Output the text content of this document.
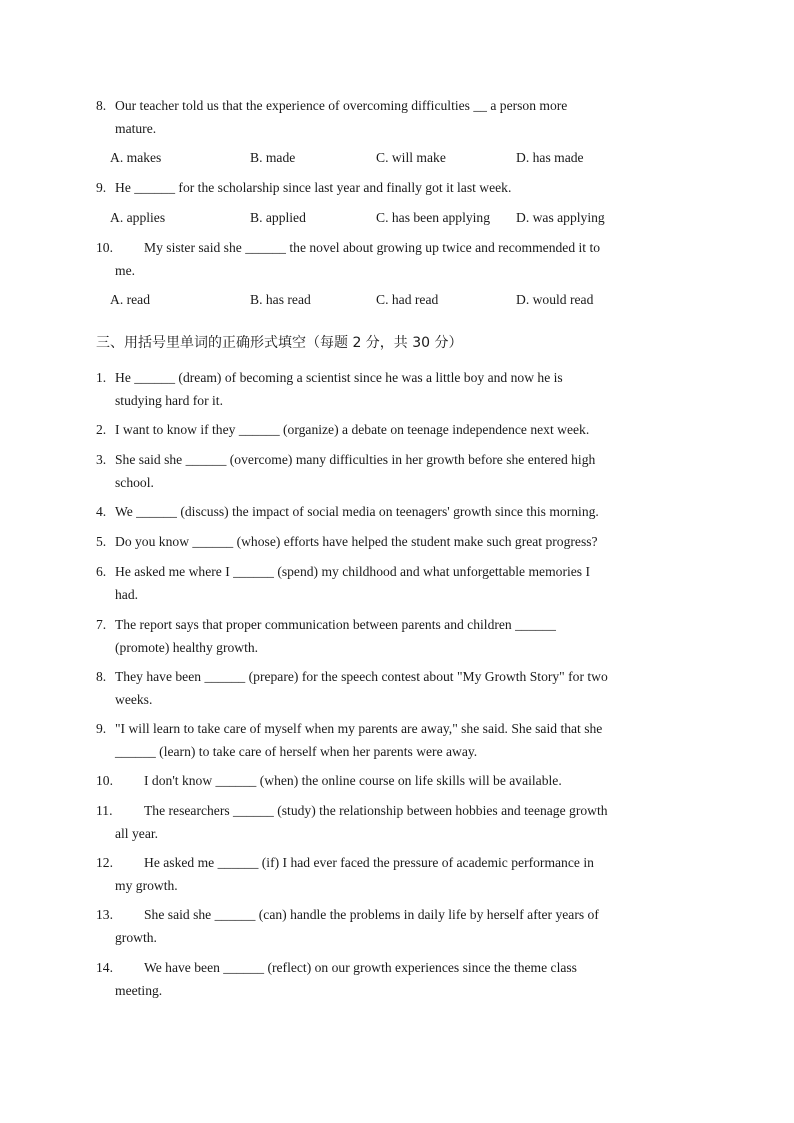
8. Our teacher told us that the experience of overcoming difficulties __ a person more
mature.
A. makes	B. made	C. will make	D. has made
9. He ______ for the scholarship since last year and finally got it last week.
A. applies	B. applied	C. has been applying D. was applying
10. My sister said she ______ the novel about growing up twice and recommended it to
me.
A. read	B. has read	C. had read	D. would read
三、用括号里单词的正确形式填空（每题 2 分，共 30 分）
1. He ______ (dream) of becoming a scientist since he was a little boy and now he is
studying hard for it.
2. I want to know if they ______ (organize) a debate on teenage independence next week.
3. She said she ______ (overcome) many difficulties in her growth before she entered high
school.
4. We ______ (discuss) the impact of social media on teenagers' growth since this morning.
5. Do you know ______ (whose) efforts have helped the student make such great progress?
6. He asked me where I ______ (spend) my childhood and what unforgettable memories I
had.
7. The report says that proper communication between parents and children ______
(promote) healthy growth.
8. They have been ______ (prepare) for the speech contest about "My Growth Story" for two
weeks.
9. "I will learn to take care of myself when my parents are away," she said. She said that she
______ (learn) to take care of herself when her parents were away.
10. I don't know ______ (when) the online course on life skills will be available.
11. The researchers ______ (study) the relationship between hobbies and teenage growth
all year.
12. He asked me ______ (if) I had ever faced the pressure of academic performance in
my growth.
13. She said she ______ (can) handle the problems in daily life by herself after years of
growth.
14. We have been ______ (reflect) on our growth experiences since the theme class
meeting.
